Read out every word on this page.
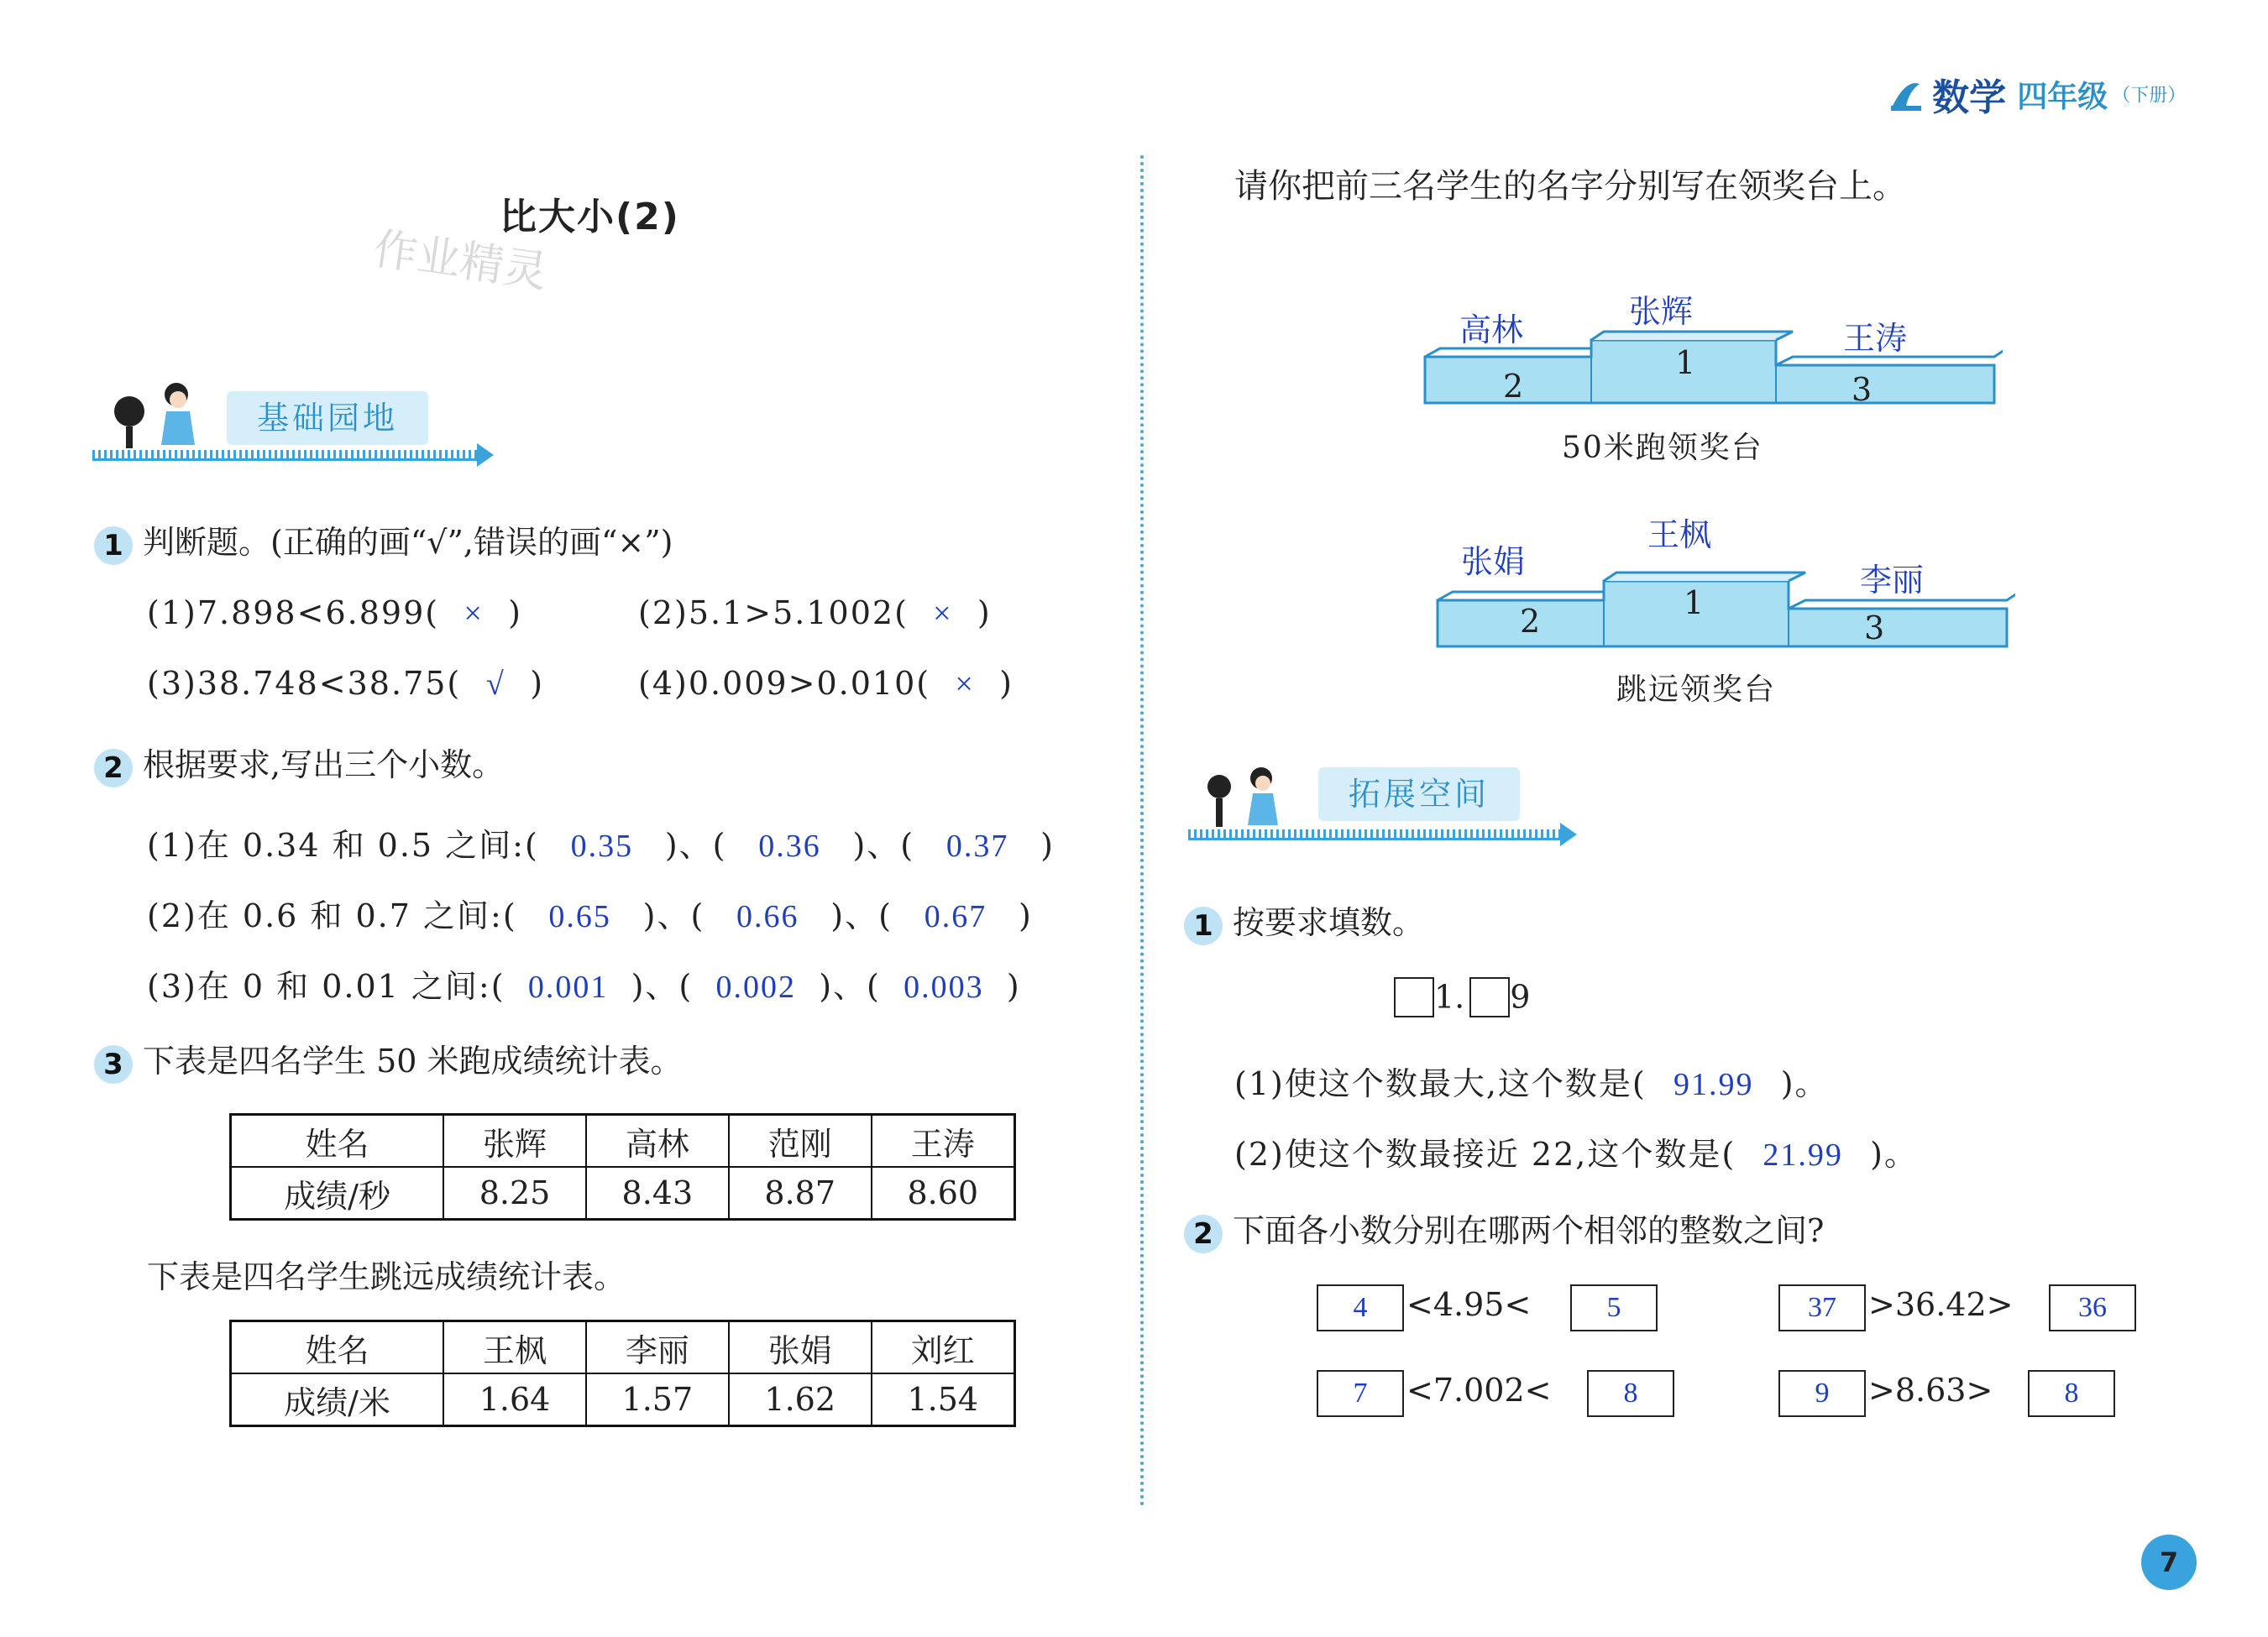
数学 四年级 （下册）
7
比大小(2)
作业精灵
基础园地
1 判断题。(正确的画“√”,错误的画“×”)
(1)7.898<6.899( × )	(2)5.1>5.1002( × )
(3)38.748<38.75( √ )	(4)0.009>0.010( × )
2 根据要求,写出三个小数。
(1)在 0.34 和 0.5 之间:( 0.35 )、( 0.36 )、( 0.37 )
(2)在 0.6 和 0.7 之间:( 0.65 )、( 0.66 )、( 0.67 )
(3)在 0 和 0.01 之间:( 0.001 )、( 0.002 )、( 0.003 )
3 下表是四名学生 50 米跑成绩统计表。
姓名	张辉	高林	范刚	王涛
成绩/秒	8.25	8.43	8.87	8.60
下表是四名学生跳远成绩统计表。
姓名	王枫	李丽	张娟	刘红
成绩/米	1.64	1.57	1.62	1.54
请你把前三名学生的名字分别写在领奖台上。
高林	张辉
王涛
1
2	3
50米跑领奖台
张娟
王枫
李丽
1
2	3
跳远领奖台
拓展空间
1 按要求填数。
1. 9
(1)使这个数最大,这个数是( 91.99 )。
(2)使这个数最接近 22,这个数是( 21.99 )。
2 下面各小数分别在哪两个相邻的整数之间?
4	<4.95<	5	37	>36.42>	36
7	<7.002<	8	9	>8.63>	8
